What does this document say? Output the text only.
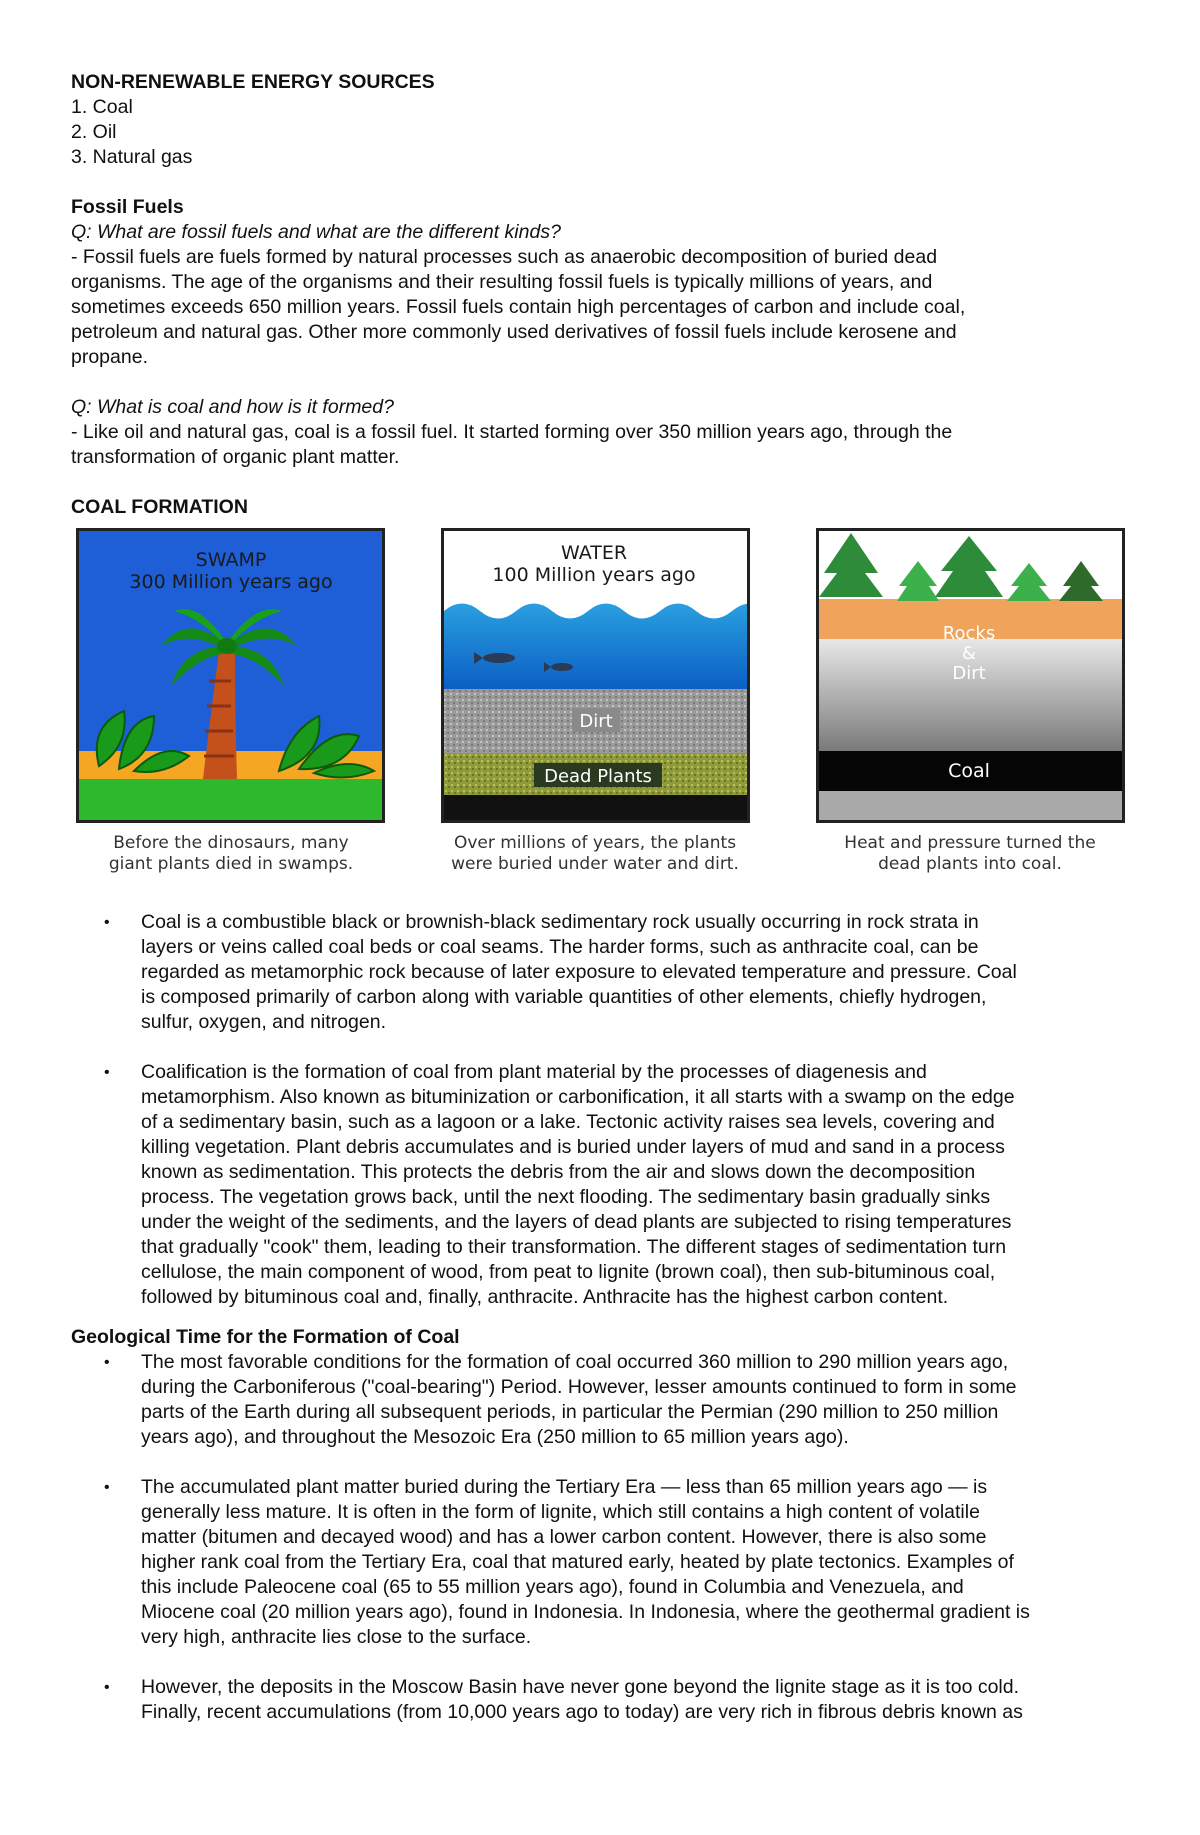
NON-RENEWABLE ENERGY SOURCES

1. Coal

2. Oil

3. Natural gas

Fossil Fuels

Q: What are fossil fuels and what are the different kinds?

- Fossil fuels are fuels formed by natural processes such as anaerobic decomposition of buried dead

organisms. The age of the organisms and their resulting fossil fuels is typically millions of years, and

sometimes exceeds 650 million years. Fossil fuels contain high percentages of carbon and include coal,

petroleum and natural gas. Other more commonly used derivatives of fossil fuels include kerosene and

propane.

Q: What is coal and how is it formed?

- Like oil and natural gas, coal is a fossil fuel. It started forming over 350 million years ago, through the

transformation of organic plant matter.

COAL FORMATION

SWAMP
300 Million years ago
Before the dinosaurs, many
giant plants died in swamps.
WATER
100 Million years ago
Dirt
Dead Plants
Over millions of years, the plants
were buried under water and dirt.
Rocks
&
Dirt
Coal
Heat and pressure turned the
dead plants into coal.
• Coal is a combustible black or brownish-black sedimentary rock usually occurring in rock strata in

layers or veins called coal beds or coal seams. The harder forms, such as anthracite coal, can be

regarded as metamorphic rock because of later exposure to elevated temperature and pressure. Coal

is composed primarily of carbon along with variable quantities of other elements, chiefly hydrogen,

sulfur, oxygen, and nitrogen.

• Coalification is the formation of coal from plant material by the processes of diagenesis and

metamorphism. Also known as bituminization or carbonification, it all starts with a swamp on the edge

of a sedimentary basin, such as a lagoon or a lake. Tectonic activity raises sea levels, covering and

killing vegetation. Plant debris accumulates and is buried under layers of mud and sand in a process

known as sedimentation. This protects the debris from the air and slows down the decomposition

process. The vegetation grows back, until the next flooding. The sedimentary basin gradually sinks

under the weight of the sediments, and the layers of dead plants are subjected to rising temperatures

that gradually "cook" them, leading to their transformation. The different stages of sedimentation turn

cellulose, the main component of wood, from peat to lignite (brown coal), then sub-bituminous coal,

followed by bituminous coal and, finally, anthracite. Anthracite has the highest carbon content.

Geological Time for the Formation of Coal

• The most favorable conditions for the formation of coal occurred 360 million to 290 million years ago,

during the Carboniferous ("coal-bearing") Period. However, lesser amounts continued to form in some

parts of the Earth during all subsequent periods, in particular the Permian (290 million to 250 million

years ago), and throughout the Mesozoic Era (250 million to 65 million years ago).

• The accumulated plant matter buried during the Tertiary Era — less than 65 million years ago — is

generally less mature. It is often in the form of lignite, which still contains a high content of volatile

matter (bitumen and decayed wood) and has a lower carbon content. However, there is also some

higher rank coal from the Tertiary Era, coal that matured early, heated by plate tectonics. Examples of

this include Paleocene coal (65 to 55 million years ago), found in Columbia and Venezuela, and

Miocene coal (20 million years ago), found in Indonesia. In Indonesia, where the geothermal gradient is

very high, anthracite lies close to the surface.

• However, the deposits in the Moscow Basin have never gone beyond the lignite stage as it is too cold.

Finally, recent accumulations (from 10,000 years ago to today) are very rich in fibrous debris known as
